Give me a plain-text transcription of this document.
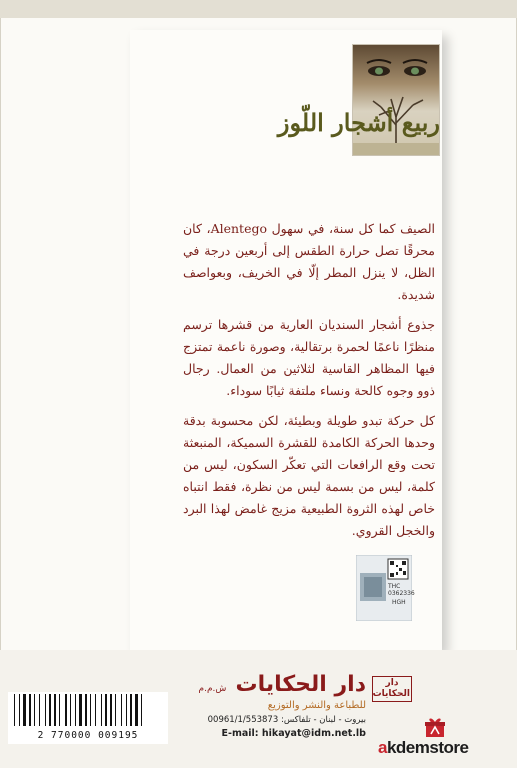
ربيع أشجار اللّوز

الصيف كما كل سنة، في سهول Alentego، كان محرقًا تصل حرارة الطقس إلى أربعين درجة في الظل، لا ينزل المطر إلّا في الخريف، وبعواصف شديدة.

جذوع أشجار السنديان العارية من قشرها ترسم منظرًا ناعمًا لحمرة برتقالية، وصورة ناعمة تمتزج فيها المظاهر القاسية لثلاثين من العمال. رجال ذوو وجوه كالحة ونساء ملتفة ثيابًا سوداء.

كل حركة تبدو طويلة وبطيئة، لكن محسوبة بدقة وحدها الحركة الكامدة للقشرة السميكة، المنبعثة تحت وقع الرافعات التي تعكّر السكون، ليس من كلمة، ليس من بسمة ليس من نظرة، فقط انتباه خاص لهذه الثروة الطبيعية مزيج غامض لهذا البرد والخجل القروي.

THC 0362336
HGH
2 770000 009195
دار الحكايات ش.م.م
للطباعة والنشر والتوزيع
بيروت - لبنان - تلفاكس: 00961/1/553873
E-mail: hikayat@idm.net.lb
دار الحكايات
akdemstore
